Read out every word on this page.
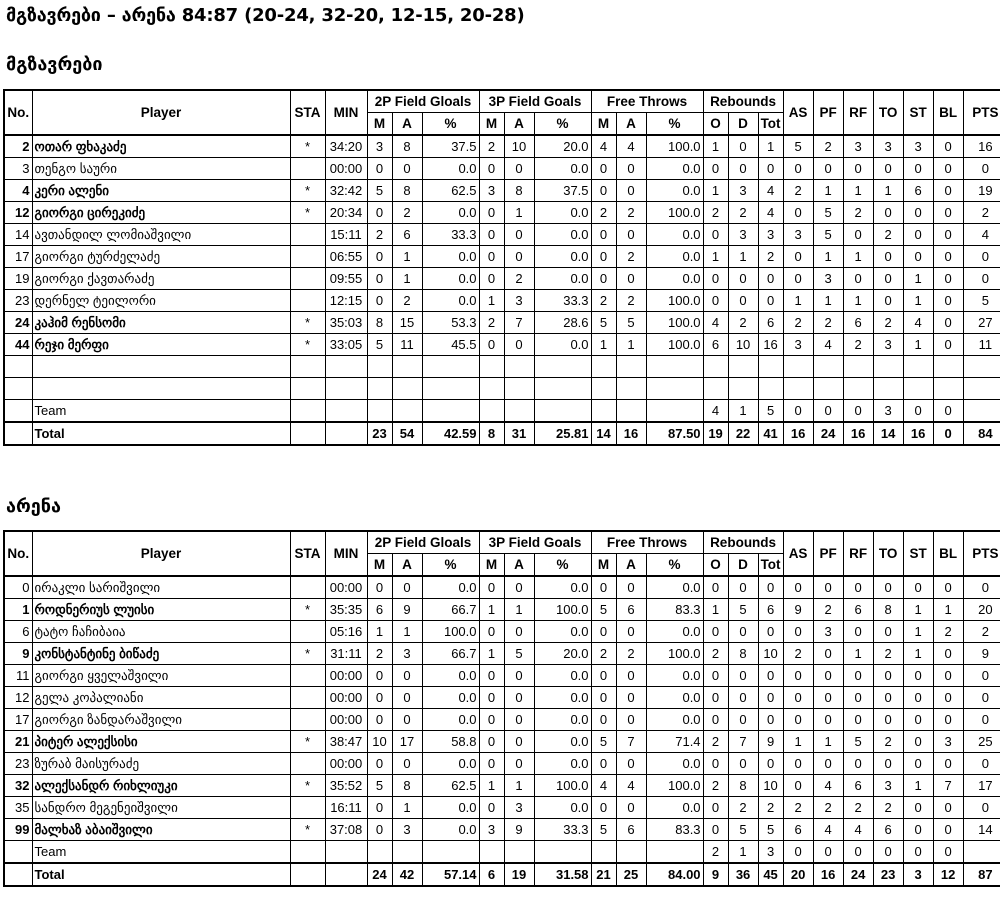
მგზავრები – არენა 84:87 (20-24, 32-20, 12-15, 20-28)
მგზავრები
No.	Player	STA	MIN	2P Field Gloals			3P Field Goals			Free Throws			Rebounds			AS	PF	RF	TO	ST	BL	PTS
				M	A	%	M	A	%	M	A	%	O	D	Tot							
2	ოთარ ფხაკაძე	*	34:20	3	8	37.5	2	10	20.0	4	4	100.0	1	0	1	5	2	3	3	3	0	16
3	თენგო საური		00:00	0	0	0.0	0	0	0.0	0	0	0.0	0	0	0	0	0	0	0	0	0	0
4	კერი ალენი	*	32:42	5	8	62.5	3	8	37.5	0	0	0.0	1	3	4	2	1	1	1	6	0	19
12	გიორგი ცირეკიძე	*	20:34	0	2	0.0	0	1	0.0	2	2	100.0	2	2	4	0	5	2	0	0	0	2
14	ავთანდილ ლომიაშვილი		15:11	2	6	33.3	0	0	0.0	0	0	0.0	0	3	3	3	5	0	2	0	0	4
17	გიორგი ტურძელაძე		06:55	0	1	0.0	0	0	0.0	0	2	0.0	1	1	2	0	1	1	0	0	0	0
19	გიორგი ქავთარაძე		09:55	0	1	0.0	0	2	0.0	0	0	0.0	0	0	0	0	3	0	0	1	0	0
23	დერნელ ტეილორი		12:15	0	2	0.0	1	3	33.3	2	2	100.0	0	0	0	1	1	1	0	1	0	5
24	კაჰიმ რენსომი	*	35:03	8	15	53.3	2	7	28.6	5	5	100.0	4	2	6	2	2	6	2	4	0	27
44	რეჯი მერფი	*	33:05	5	11	45.5	0	0	0.0	1	1	100.0	6	10	16	3	4	2	3	1	0	11

	Team												4	1	5	0	0	0	3	0	0	
	Total			23	54	42.59	8	31	25.81	14	16	87.50	19	22	41	16	24	16	14	16	0	84
არენა
No.	Player	STA	MIN	2P Field Gloals			3P Field Goals			Free Throws			Rebounds			AS	PF	RF	TO	ST	BL	PTS
				M	A	%	M	A	%	M	A	%	O	D	Tot							
0	ირაკლი სარიშვილი		00:00	0	0	0.0	0	0	0.0	0	0	0.0	0	0	0	0	0	0	0	0	0	0
1	როდნერიუს ლუისი	*	35:35	6	9	66.7	1	1	100.0	5	6	83.3	1	5	6	9	2	6	8	1	1	20
6	ტატო ჩაჩიბაია		05:16	1	1	100.0	0	0	0.0	0	0	0.0	0	0	0	0	3	0	0	1	2	2
9	კონსტანტინე ბიწაძე	*	31:11	2	3	66.7	1	5	20.0	2	2	100.0	2	8	10	2	0	1	2	1	0	9
11	გიორგი ყველაშვილი		00:00	0	0	0.0	0	0	0.0	0	0	0.0	0	0	0	0	0	0	0	0	0	0
12	გელა კოპალიანი		00:00	0	0	0.0	0	0	0.0	0	0	0.0	0	0	0	0	0	0	0	0	0	0
17	გიორგი ზანდარაშვილი		00:00	0	0	0.0	0	0	0.0	0	0	0.0	0	0	0	0	0	0	0	0	0	0
21	პიტერ ალექსისი	*	38:47	10	17	58.8	0	0	0.0	5	7	71.4	2	7	9	1	1	5	2	0	3	25
23	ზურაბ მაისურაძე		00:00	0	0	0.0	0	0	0.0	0	0	0.0	0	0	0	0	0	0	0	0	0	0
32	ალექსანდრ რიხლიუკი	*	35:52	5	8	62.5	1	1	100.0	4	4	100.0	2	8	10	0	4	6	3	1	7	17
35	სანდრო მეგენეიშვილი		16:11	0	1	0.0	0	3	0.0	0	0	0.0	0	2	2	2	2	2	2	0	0	0
99	მალხაზ აბაიშვილი	*	37:08	0	3	0.0	3	9	33.3	5	6	83.3	0	5	5	6	4	4	6	0	0	14
	Team												2	1	3	0	0	0	0	0	0	
	Total			24	42	57.14	6	19	31.58	21	25	84.00	9	36	45	20	16	24	23	3	12	87
